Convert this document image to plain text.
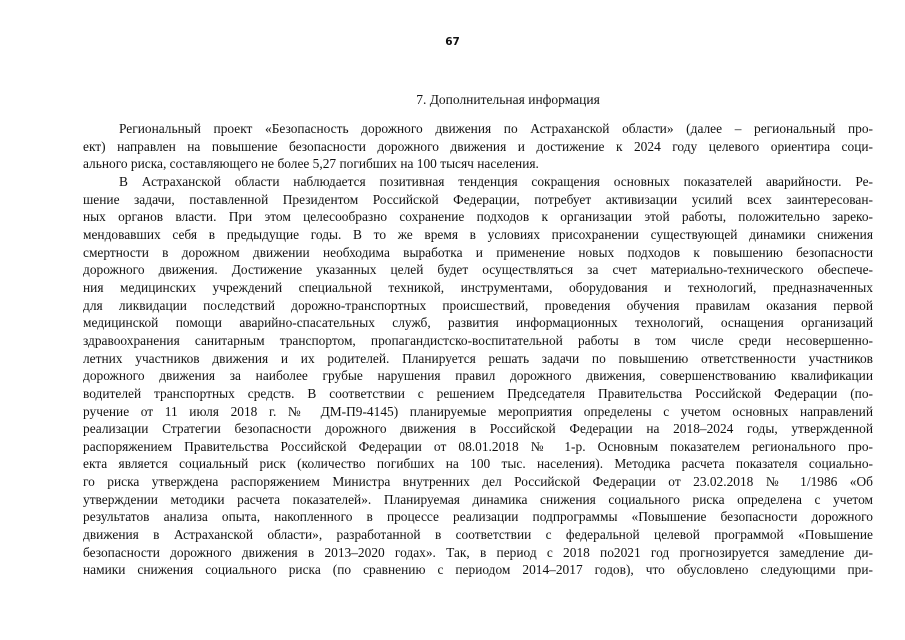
67
7. Дополнительная информация
Региональный проект «Безопасность дорожного движения по Астраханской области» (далее – региональный про-
ект) направлен на повышение безопасности дорожного движения и достижение к 2024 году целевого ориентира соци-
ального риска, составляющего не более 5,27 погибших на 100 тысяч населения.
В Астраханской области наблюдается позитивная тенденция сокращения основных показателей аварийности. Ре-
шение задачи, поставленной Президентом Российской Федерации, потребует активизации усилий всех заинтересован-
ных органов власти. При этом целесообразно сохранение подходов к организации этой работы, положительно зареко-
мендовавших себя в предыдущие годы. В то же время в условиях присохранении существующей динамики снижения
смертности в дорожном движении необходима выработка и применение новых подходов к повышению безопасности
дорожного движения. Достижение указанных целей будет осуществляться за счет материально-технического обеспече-
ния медицинских учреждений специальной техникой, инструментами, оборудования и технологий, предназначенных
для ликвидации последствий дорожно-транспортных происшествий, проведения обучения правилам оказания первой
медицинской помощи аварийно-спасательных служб, развития информационных технологий, оснащения организаций
здравоохранения санитарным транспортом, пропагандистско-воспитательной работы в том числе среди несовершенно-
летних участников движения и их родителей. Планируется решать задачи по повышению ответственности участников
дорожного движения за наиболее грубые нарушения правил дорожного движения, совершенствованию квалификации
водителей транспортных средств. В соответствии с решением Председателя Правительства Российской Федерации (по-
ручение от 11 июля 2018 г. № ДМ-П9-4145) планируемые мероприятия определены с учетом основных направлений
реализации Стратегии безопасности дорожного движения в Российской Федерации на 2018–2024 годы, утвержденной
распоряжением Правительства Российской Федерации от 08.01.2018 № 1-р. Основным показателем регионального про-
екта является социальный риск (количество погибших на 100 тыс. населения). Методика расчета показателя социально-
го риска утверждена распоряжением Министра внутренних дел Российской Федерации от 23.02.2018 № 1/1986 «Об
утверждении методики расчета показателей». Планируемая динамика снижения социального риска определена с учетом
результатов анализа опыта, накопленного в процессе реализации подпрограммы «Повышение безопасности дорожного
движения в Астраханской области», разработанной в соответствии с федеральной целевой программой «Повышение
безопасности дорожного движения в 2013–2020 годах». Так, в период с 2018 по2021 год прогнозируется замедление ди-
намики снижения социального риска (по сравнению с периодом 2014–2017 годов), что обусловлено следующими при-
